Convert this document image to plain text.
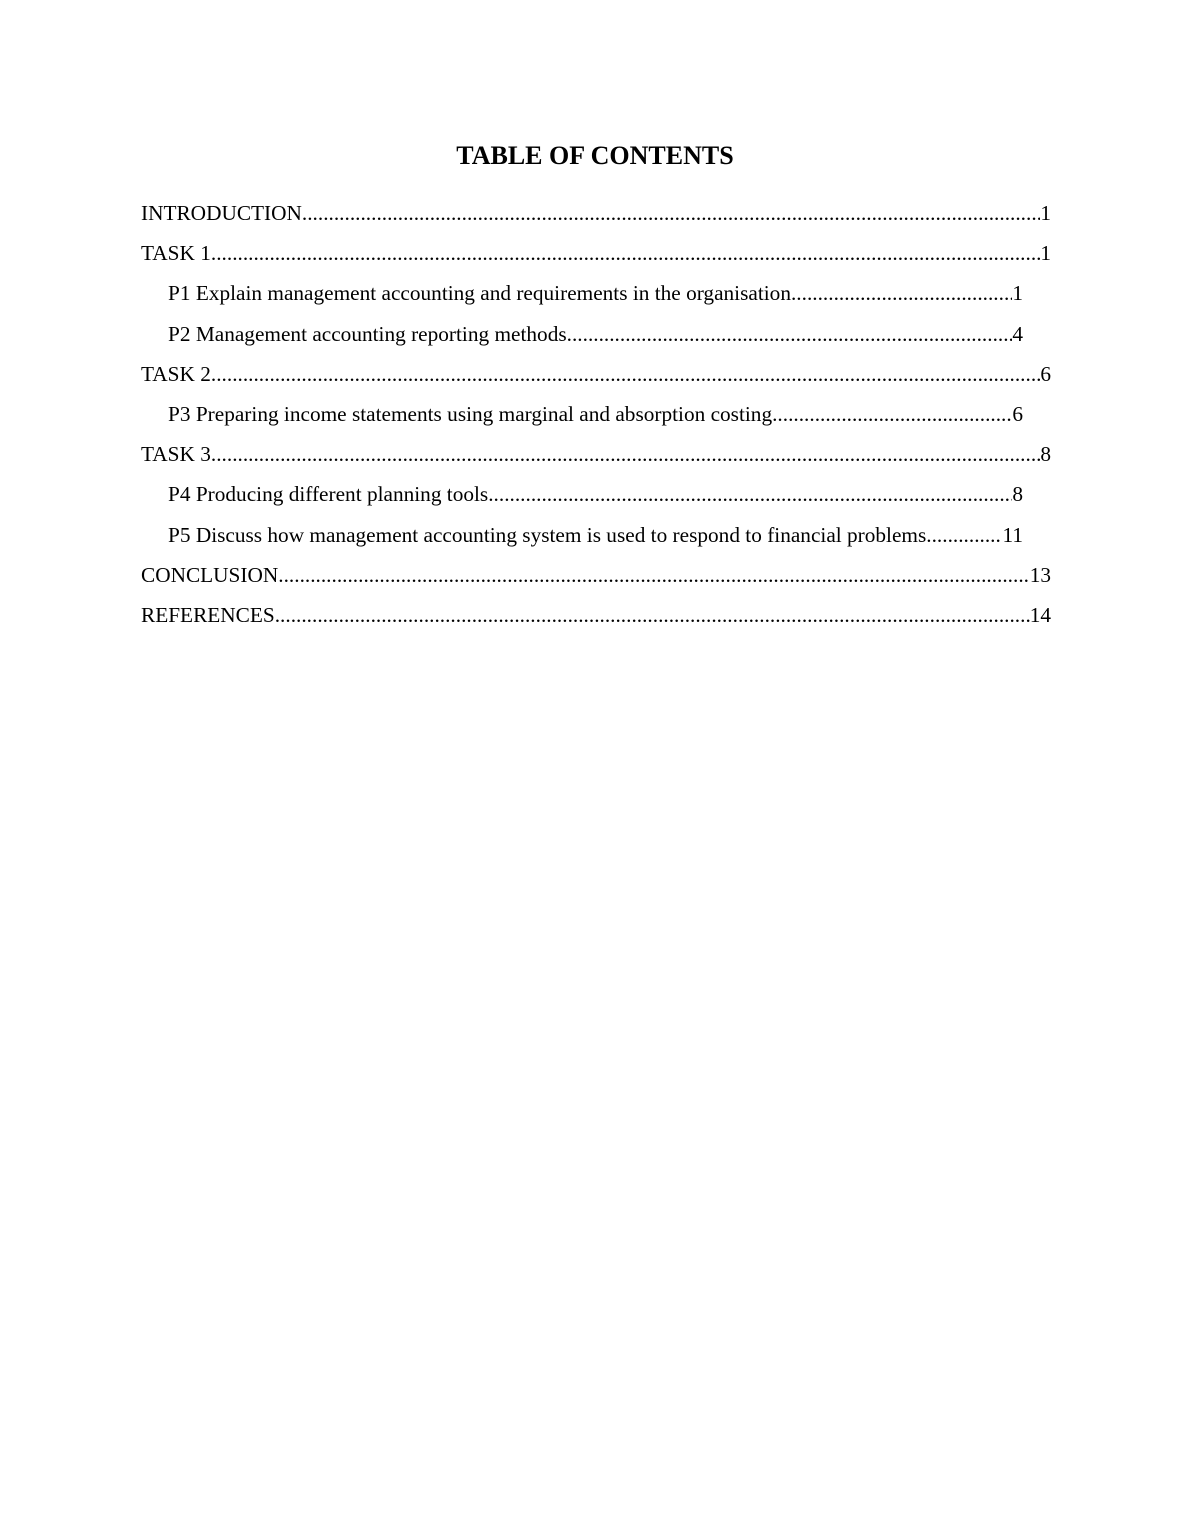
TABLE OF CONTENTS
INTRODUCTION .....	1
TASK 1 .....	1
P1 Explain management accounting and requirements in the organisation .....	1
P2 Management accounting reporting methods .....	4
TASK 2 .....	6
P3 Preparing income statements using marginal and absorption costing .....	6
TASK 3 .....	8
P4 Producing different planning tools .....	8
P5 Discuss how management accounting system is used to respond to financial problems .....	11
CONCLUSION .....	13
REFERENCES .....	14
